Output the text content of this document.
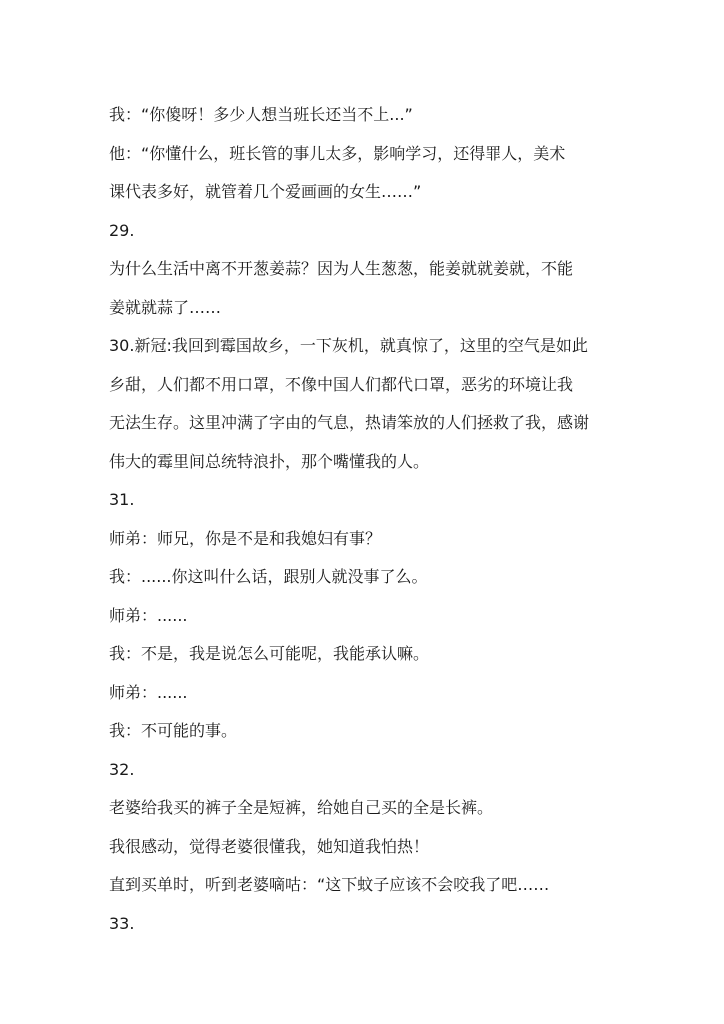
我：“你傻呀！多少人想当班长还当不上...”
他：“你懂什么，班长管的事儿太多，影响学习，还得罪人，美术
课代表多好，就管着几个爱画画的女生……”
29.
为什么生活中离不开葱姜蒜？因为人生葱葱，能姜就就姜就，不能
姜就就蒜了……
30.新冠:我回到霉国故乡，一下灰机，就真惊了，这里的空气是如此
乡甜，人们都不用口罩，不像中国人们都代口罩，恶劣的环境让我
无法生存。这里冲满了字由的气息，热请笨放的人们拯救了我，感谢
伟大的霉里间总统特浪扑，那个嘴懂我的人。
31.
师弟：师兄，你是不是和我媳妇有事？
我：......你这叫什么话，跟别人就没事了么。
师弟：......
我：不是，我是说怎么可能呢，我能承认嘛。
师弟：......
我：不可能的事。
32.
老婆给我买的裤子全是短裤，给她自己买的全是长裤。
我很感动，觉得老婆很懂我，她知道我怕热！
直到买单时，听到老婆嘀咕：“这下蚊子应该不会咬我了吧……
33.
